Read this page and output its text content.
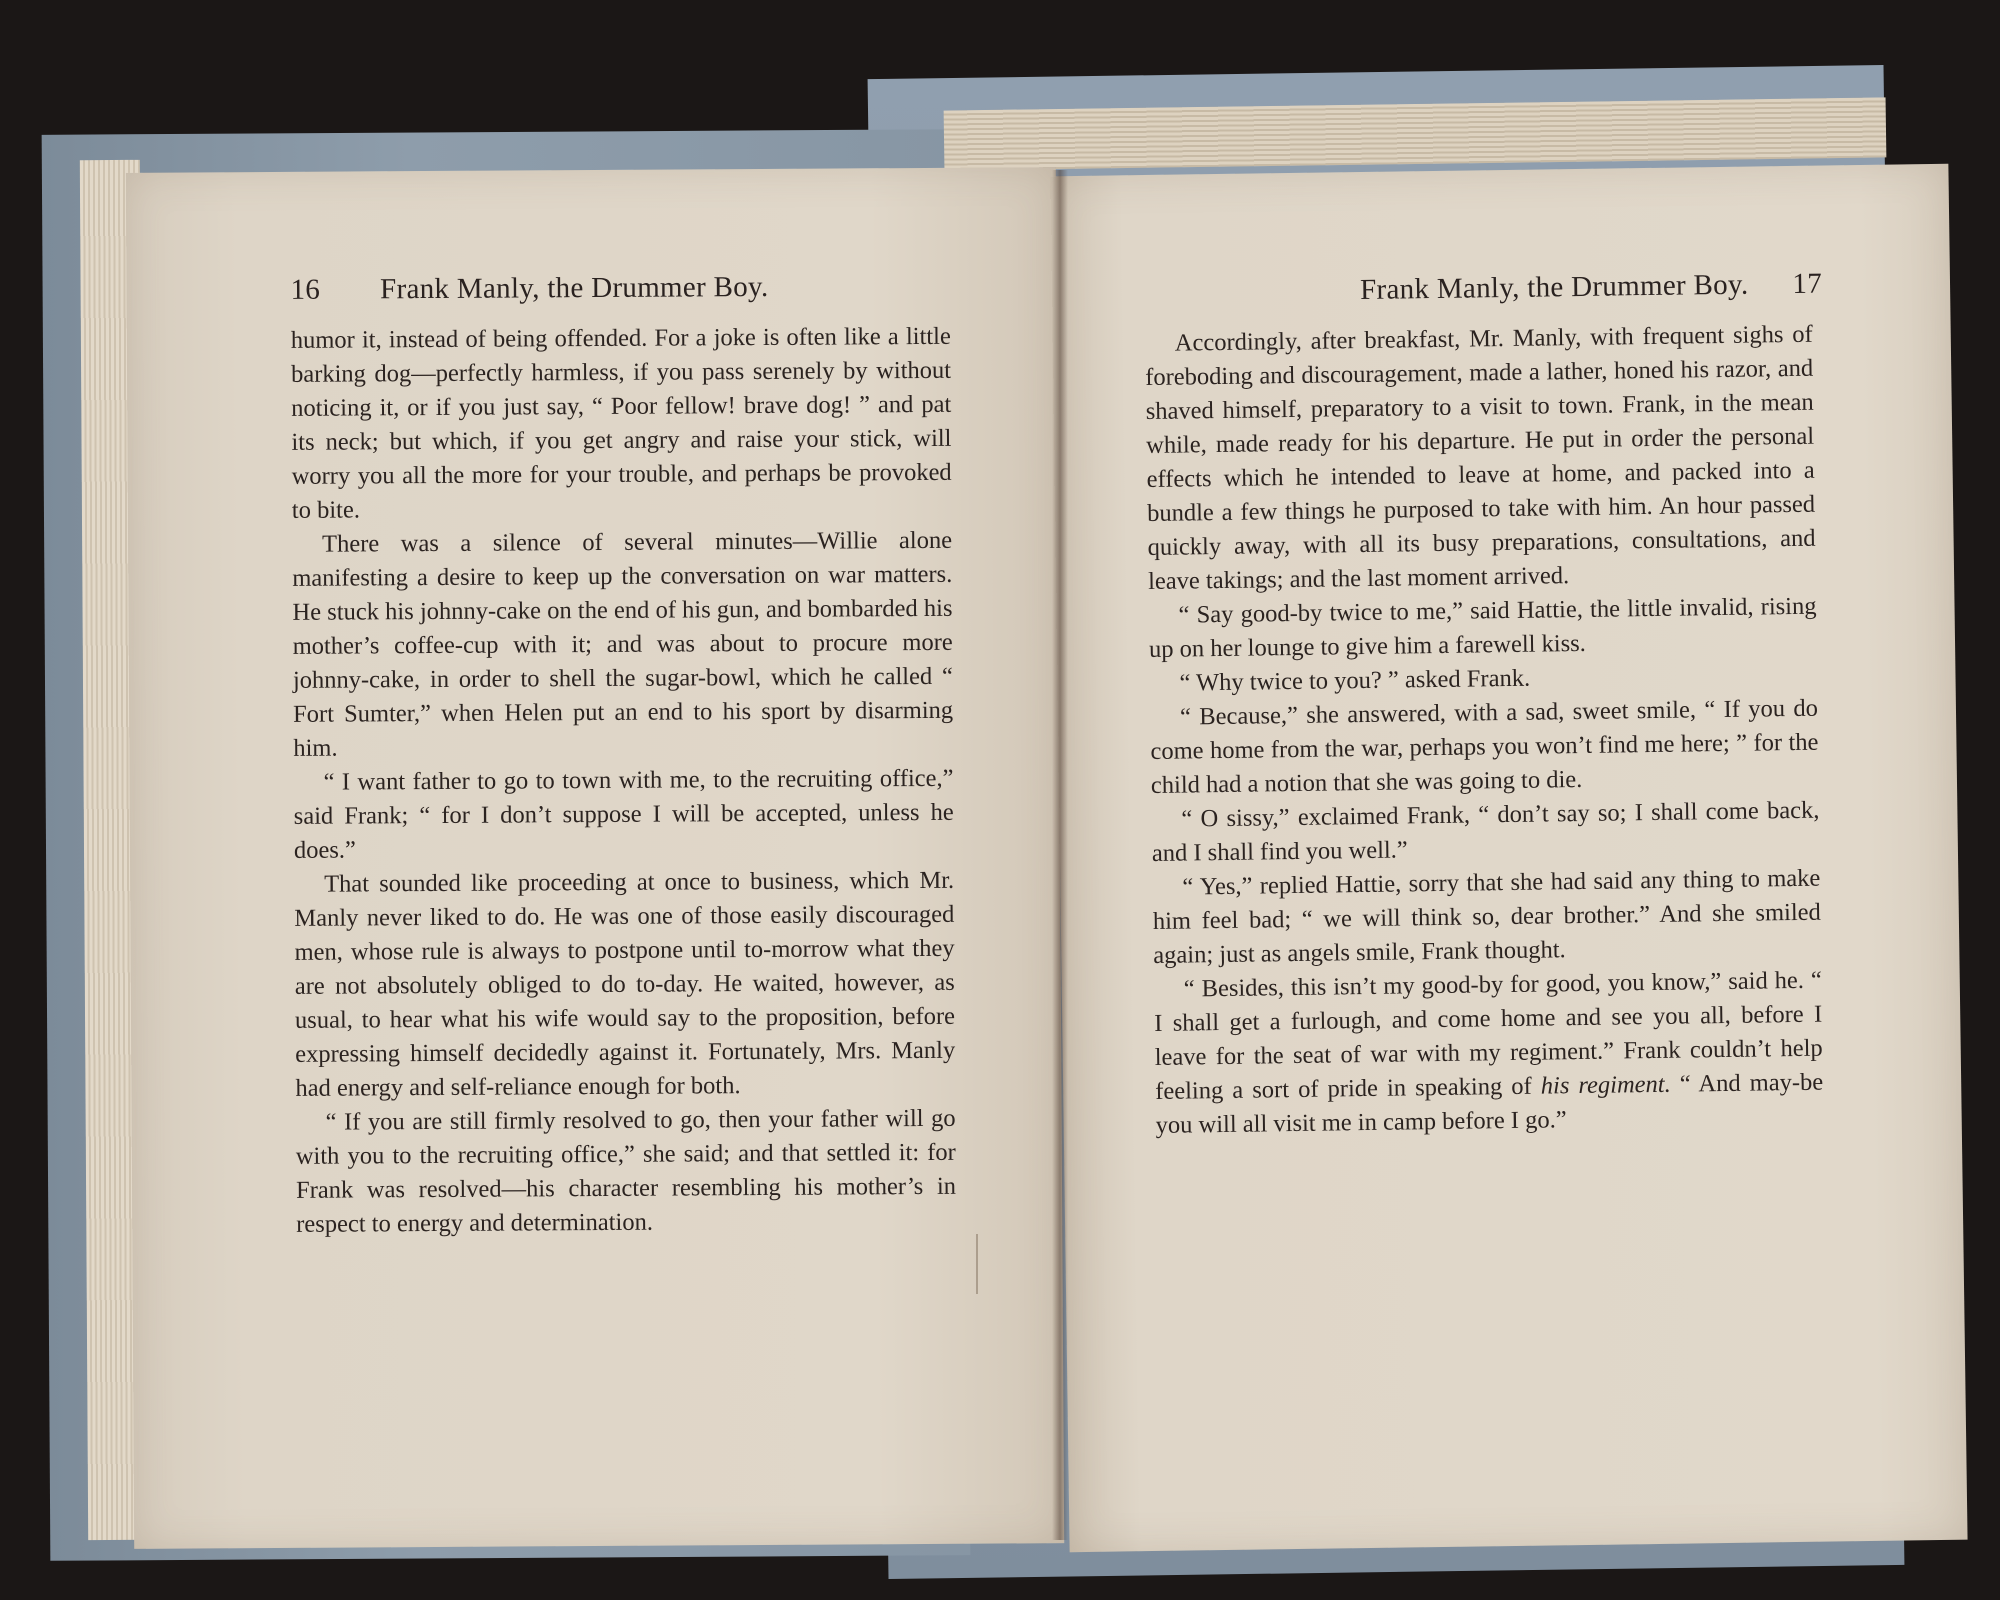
16 Frank Manly, the Drummer Boy.

humor it, instead of being offended. For a joke is often like a little barking dog—perfectly harmless, if you pass serenely by without noticing it, or if you just say, “ Poor fellow! brave dog! ” and pat its neck; but which, if you get angry and raise your stick, will worry you all the more for your trouble, and perhaps be provoked to bite.

There was a silence of several minutes—Willie alone manifesting a desire to keep up the conversation on war matters. He stuck his johnny-cake on the end of his gun, and bombarded his mother’s coffee-cup with it; and was about to procure more johnny-cake, in order to shell the sugar-bowl, which he called “ Fort Sumter,” when Helen put an end to his sport by disarming him.

“ I want father to go to town with me, to the recruiting office,” said Frank; “ for I don’t suppose I will be accepted, unless he does.”

That sounded like proceeding at once to business, which Mr. Manly never liked to do. He was one of those easily discouraged men, whose rule is always to postpone until to-morrow what they are not absolutely obliged to do to-day. He waited, however, as usual, to hear what his wife would say to the proposition, before expressing himself decidedly against it. Fortunately, Mrs. Manly had energy and self-reliance enough for both.

“ If you are still firmly resolved to go, then your father will go with you to the recruiting office,” she said; and that settled it: for Frank was resolved—his character resembling his mother’s in respect to energy and determination.

Frank Manly, the Drummer Boy. 17

Accordingly, after breakfast, Mr. Manly, with frequent sighs of foreboding and discouragement, made a lather, honed his razor, and shaved himself, preparatory to a visit to town. Frank, in the mean while, made ready for his departure. He put in order the personal effects which he intended to leave at home, and packed into a bundle a few things he purposed to take with him. An hour passed quickly away, with all its busy preparations, consultations, and leave takings; and the last moment arrived.

“ Say good-by twice to me,” said Hattie, the little invalid, rising up on her lounge to give him a farewell kiss.

“ Why twice to you? ” asked Frank.

“ Because,” she answered, with a sad, sweet smile, “ If you do come home from the war, perhaps you won’t find me here; ” for the child had a notion that she was going to die.

“ O sissy,” exclaimed Frank, “ don’t say so; I shall come back, and I shall find you well.”

“ Yes,” replied Hattie, sorry that she had said any thing to make him feel bad; “ we will think so, dear brother.” And she smiled again; just as angels smile, Frank thought.

“ Besides, this isn’t my good-by for good, you know,” said he. “ I shall get a furlough, and come home and see you all, before I leave for the seat of war with my regiment.” Frank couldn’t help feeling a sort of pride in speaking of his regiment. “ And may-be you will all visit me in camp before I go.”
